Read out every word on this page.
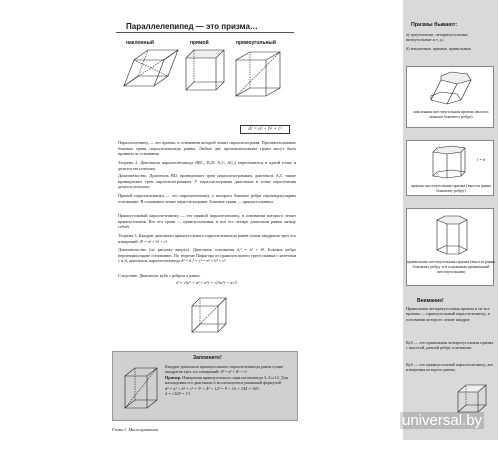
Параллелепипед — это призма…
наклонный	прямой	прямоугольный
d² = a² + b² + c²
Параллелепипед — это призма, в основании которой лежит параллелограмм. Противоположные боковые грани параллелепипеда равны. Любые две противоположные грани могут быть приняты за основания.
Теорема 2. Диагонали параллелепипеда (BD₁, B₁D, A₁C, AC₁) пересекаются в одной точке и делятся ею пополам.
Доказательство. Диагональ BD, принадлежит трем параллелограммам, диагональ A₁C также принадлежит трем параллелограммам. У параллелограмма диагонали в точке пересечения делятся пополам.
Прямой параллелепипед — это параллелепипед, у которого боковые ребра перпендикулярны основанию. В основании лежит параллелограмм. Боковые грани — прямоугольники.
Прямоугольный параллелепипед — это прямой параллелепипед, в основании которого лежит прямоугольник. Все его грани — прямоугольники, и все его четыре диагонали равны между собой.
Теорема 3. Квадрат диагонали прямоугольного параллелепипеда равен сумме квадратов трех его измерений: d² = a² + b² + c².
Доказательство (по рисунку вверху). Диагональ основания d₁² = a² + b². Боковое ребро перпендикулярно основанию. По теореме Пифагора из прямоугольного треугольника с катетами c и d₁ диагональ параллелепипеда d² = d₁² + c² = a² + b² + c².
Следствие. Диагональ куба с ребром a равна:
d = √(a² + a² + a²) = √(3a²) = a√3.
Запомните!
Квадрат диагонали прямоугольного параллелепипеда равен сумме квадратов трех его измерений: d² = a² + b² + c².
Пример. Измерения прямоугольного параллелепипеда 3, 4 и 12. Для нахождения его диагонали d воспользуемся указанной формулой
d² = a² + b² + c² = 3² + 4² + 12² = 9 + 16 + 144 = 169,
d = √169 = 13.
Глава 1. Многогранники
Призмы бывают:
а) треугольные, четырехугольные, пятиугольные и т. д.;
б) наклонные, прямые, правильные.
наклонная шестиугольная призма (высота меньше бокового ребра)
l = h
прямая шестиугольная призма (высота равна боковому ребру)
правильная шестиугольная призма (высота равна боковому ребру и в основании правильный шестиугольник)
Внимание!
Правильная четырехугольная призма и не все призмы — прямоугольный параллелепипед, в основании которого лежит квадрат.
Куб — это правильная четырехугольная призма с высотой, равной ребру основания.
Куб — это прямоугольный параллелепипед, все измерения которого равны.
universal.by
